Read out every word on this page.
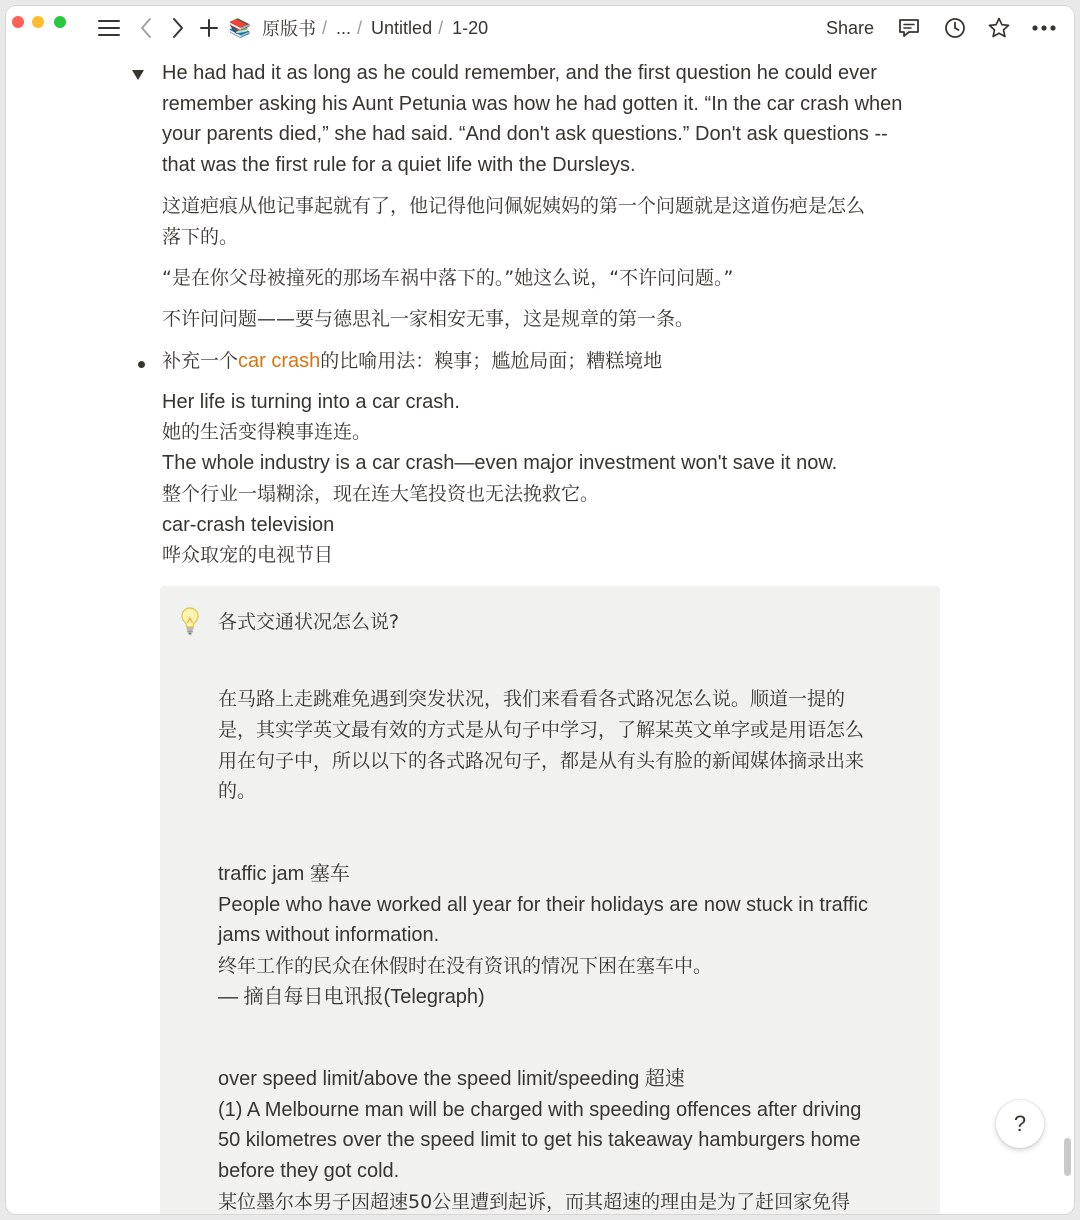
📚 原版书 / ... / Untitled / 1-20	Share
He had had it as long as he could remember, and the first question he could ever
remember asking his Aunt Petunia was how he had gotten it. “In the car crash when
your parents died,” she had said. “And don't ask questions.” Don't ask questions --
that was the first rule for a quiet life with the Dursleys.
这道疤痕从他记事起就有了，他记得他问佩妮姨妈的第一个问题就是这道伤疤是怎么
落下的。
“是在你父母被撞死的那场车祸中落下的。”她这么说，“不许问问题。”
不许问问题——要与德思礼一家相安无事，这是规章的第一条。
补充一个car crash的比喻用法：糗事；尴尬局面；糟糕境地
Her life is turning into a car crash.
她的生活变得糗事连连。
The whole industry is a car crash—even major investment won't save it now.
整个行业一塌糊涂，现在连大笔投资也无法挽救它。
car-crash television
哗众取宠的电视节目
各式交通状况怎么说?
在马路上走跳难免遇到突发状况，我们来看看各式路况怎么说。顺道一提的
是，其实学英文最有效的方式是从句子中学习，了解某英文单字或是用语怎么
用在句子中，所以以下的各式路况句子，都是从有头有脸的新闻媒体摘录出来
的。
traffic jam 塞车
People who have worked all year for their holidays are now stuck in traffic
jams without information.
终年工作的民众在休假时在没有资讯的情况下困在塞车中。
— 摘自每日电讯报(Telegraph)
over speed limit/above the speed limit/speeding 超速
(1) A Melbourne man will be charged with speeding offences after driving
50 kilometres over the speed limit to get his takeaway hamburgers home
before they got cold.
某位墨尔本男子因超速50公里遭到起诉，而其超速的理由是为了赶回家免得
?
